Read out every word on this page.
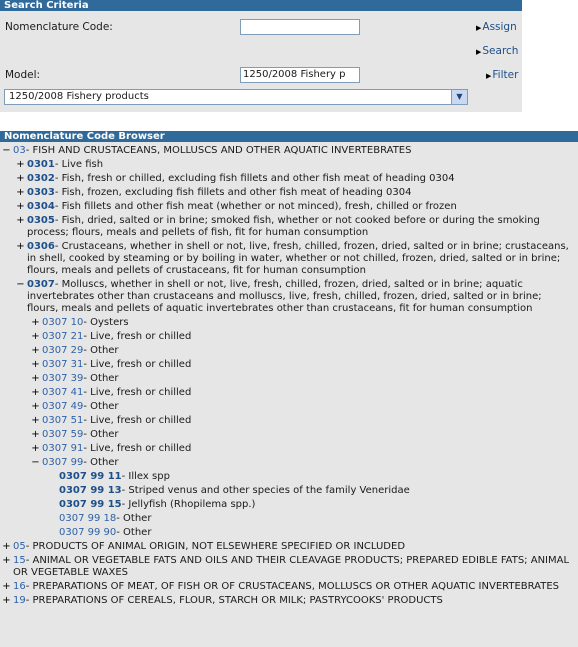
Search Criteria
Nomenclature Code:	▶Assign
▶Search
Model:	1250/2008 Fishery p	▶Filter
1250/2008 Fishery products	▼
Nomenclature Code Browser
− 03- FISH AND CRUSTACEANS, MOLLUSCS AND OTHER AQUATIC INVERTEBRATES
+ 0301- Live fish
+ 0302- Fish, fresh or chilled, excluding fish fillets and other fish meat of heading 0304
+ 0303- Fish, frozen, excluding fish fillets and other fish meat of heading 0304
+ 0304- Fish fillets and other fish meat (whether or not minced), fresh, chilled or frozen
+ 0305- Fish, dried, salted or in brine; smoked fish, whether or not cooked before or during the smoking process; flours, meals and pellets of fish, fit for human consumption
+ 0306- Crustaceans, whether in shell or not, live, fresh, chilled, frozen, dried, salted or in brine; crustaceans, in shell, cooked by steaming or by boiling in water, whether or not chilled, frozen, dried, salted or in brine; flours, meals and pellets of crustaceans, fit for human consumption
− 0307- Molluscs, whether in shell or not, live, fresh, chilled, frozen, dried, salted or in brine; aquatic invertebrates other than crustaceans and molluscs, live, fresh, chilled, frozen, dried, salted or in brine; flours, meals and pellets of aquatic invertebrates other than crustaceans, fit for human consumption
+ 0307 10- Oysters
+ 0307 21- Live, fresh or chilled
+ 0307 29- Other
+ 0307 31- Live, fresh or chilled
+ 0307 39- Other
+ 0307 41- Live, fresh or chilled
+ 0307 49- Other
+ 0307 51- Live, fresh or chilled
+ 0307 59- Other
+ 0307 91- Live, fresh or chilled
− 0307 99- Other
0307 99 11- Illex spp
0307 99 13- Striped venus and other species of the family Veneridae
0307 99 15- Jellyfish (Rhopilema spp.)
0307 99 18- Other
0307 99 90- Other
+ 05- PRODUCTS OF ANIMAL ORIGIN, NOT ELSEWHERE SPECIFIED OR INCLUDED
+ 15- ANIMAL OR VEGETABLE FATS AND OILS AND THEIR CLEAVAGE PRODUCTS; PREPARED EDIBLE FATS; ANIMAL OR VEGETABLE WAXES
+ 16- PREPARATIONS OF MEAT, OF FISH OR OF CRUSTACEANS, MOLLUSCS OR OTHER AQUATIC INVERTEBRATES
+ 19- PREPARATIONS OF CEREALS, FLOUR, STARCH OR MILK; PASTRYCOOKS' PRODUCTS
